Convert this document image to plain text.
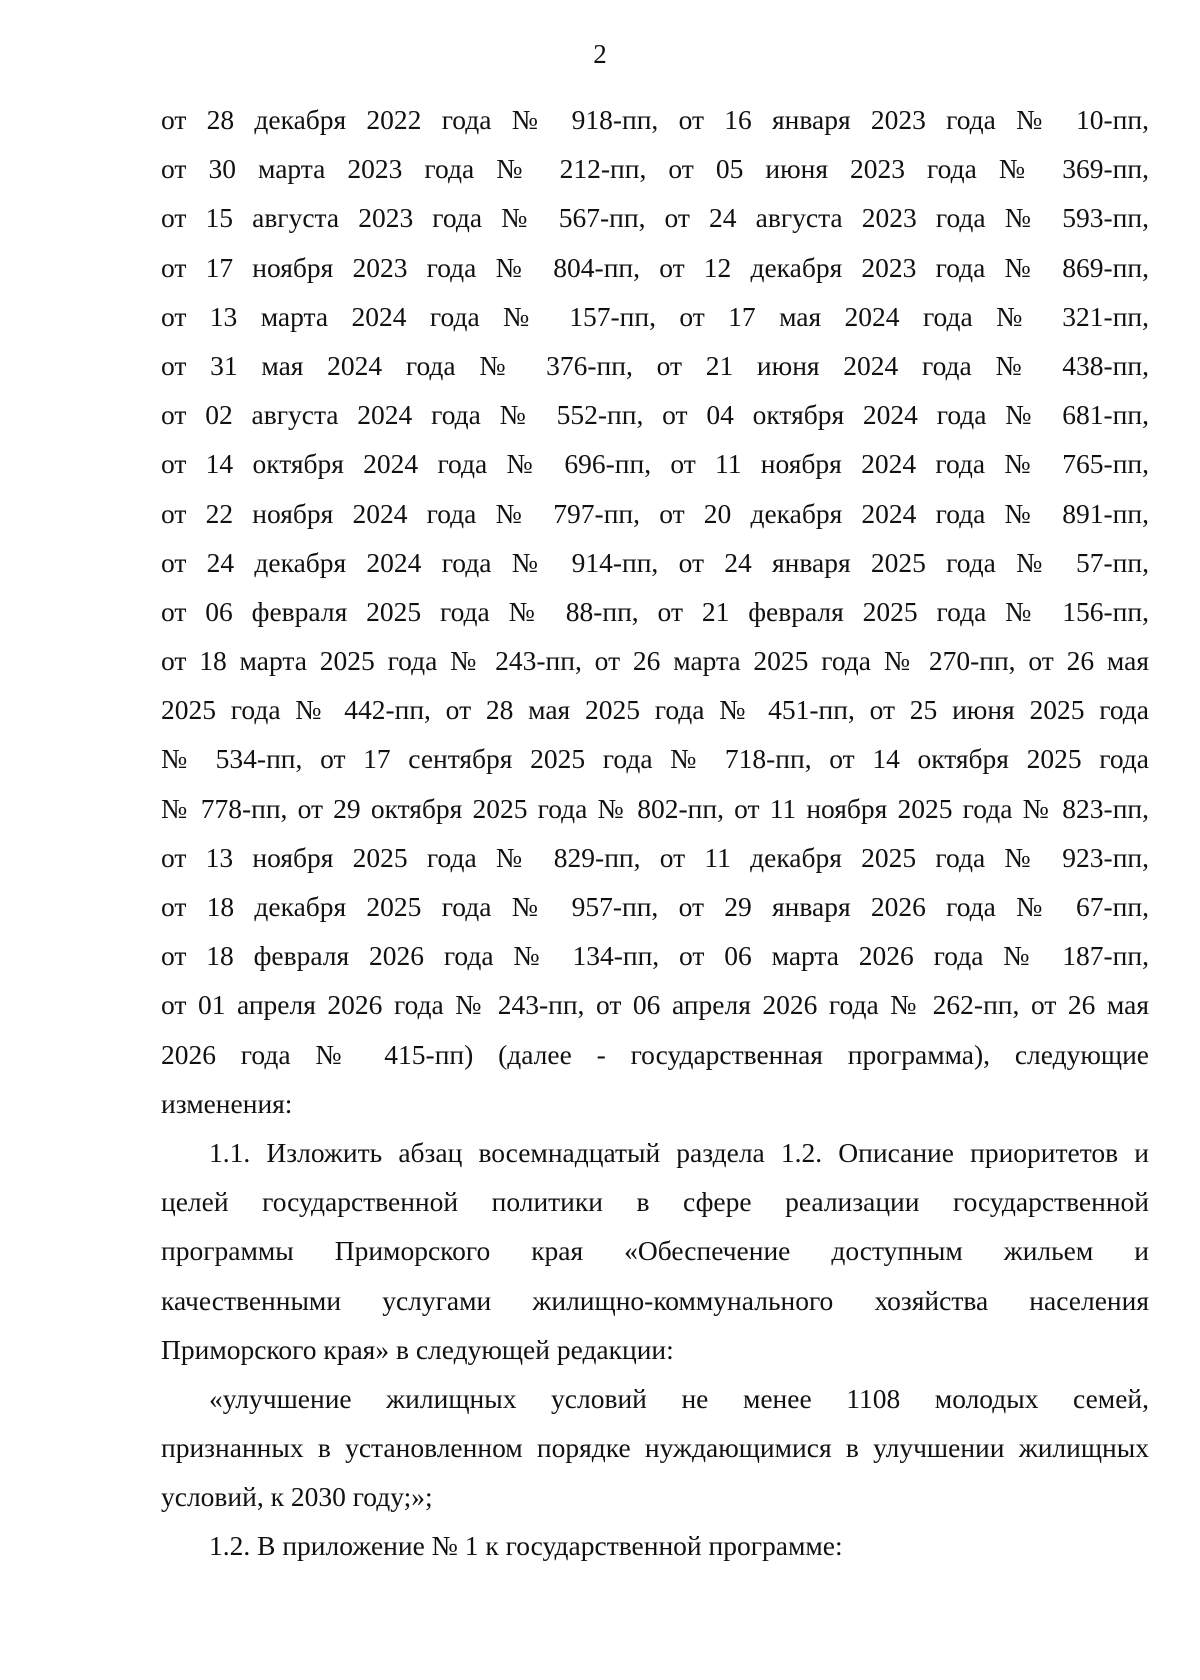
2
от 28 декабря 2022 года № 918-пп, от 16 января 2023 года № 10-пп,
от 30 марта 2023 года № 212-пп, от 05 июня 2023 года № 369-пп,
от 15 августа 2023 года № 567-пп, от 24 августа 2023 года № 593-пп,
от 17 ноября 2023 года № 804-пп, от 12 декабря 2023 года № 869-пп,
от 13 марта 2024 года № 157-пп, от 17 мая 2024 года № 321-пп,
от 31 мая 2024 года № 376-пп, от 21 июня 2024 года № 438-пп,
от 02 августа 2024 года № 552-пп, от 04 октября 2024 года № 681-пп,
от 14 октября 2024 года № 696-пп, от 11 ноября 2024 года № 765-пп,
от 22 ноября 2024 года № 797-пп, от 20 декабря 2024 года № 891-пп,
от 24 декабря 2024 года № 914-пп, от 24 января 2025 года № 57-пп,
от 06 февраля 2025 года № 88-пп, от 21 февраля 2025 года № 156-пп,
от 18 марта 2025 года № 243-пп, от 26 марта 2025 года № 270-пп, от 26 мая
2025 года № 442-пп, от 28 мая 2025 года № 451-пп, от 25 июня 2025 года
№ 534-пп, от 17 сентября 2025 года № 718-пп, от 14 октября 2025 года
№ 778-пп, от 29 октября 2025 года № 802-пп, от 11 ноября 2025 года № 823-пп,
от 13 ноября 2025 года № 829-пп, от 11 декабря 2025 года № 923-пп,
от 18 декабря 2025 года № 957-пп, от 29 января 2026 года № 67-пп,
от 18 февраля 2026 года № 134-пп, от 06 марта 2026 года № 187-пп,
от 01 апреля 2026 года № 243-пп, от 06 апреля 2026 года № 262-пп, от 26 мая
2026 года № 415-пп) (далее - государственная программа), следующие
изменения:
1.1. Изложить абзац восемнадцатый раздела 1.2. Описание приоритетов и
целей государственной политики в сфере реализации государственной
программы Приморского края «Обеспечение доступным жильем и
качественными услугами жилищно-коммунального хозяйства населения
Приморского края» в следующей редакции:
«улучшение жилищных условий не менее 1108 молодых семей,
признанных в установленном порядке нуждающимися в улучшении жилищных
условий, к 2030 году;»;
1.2. В приложение № 1 к государственной программе:
